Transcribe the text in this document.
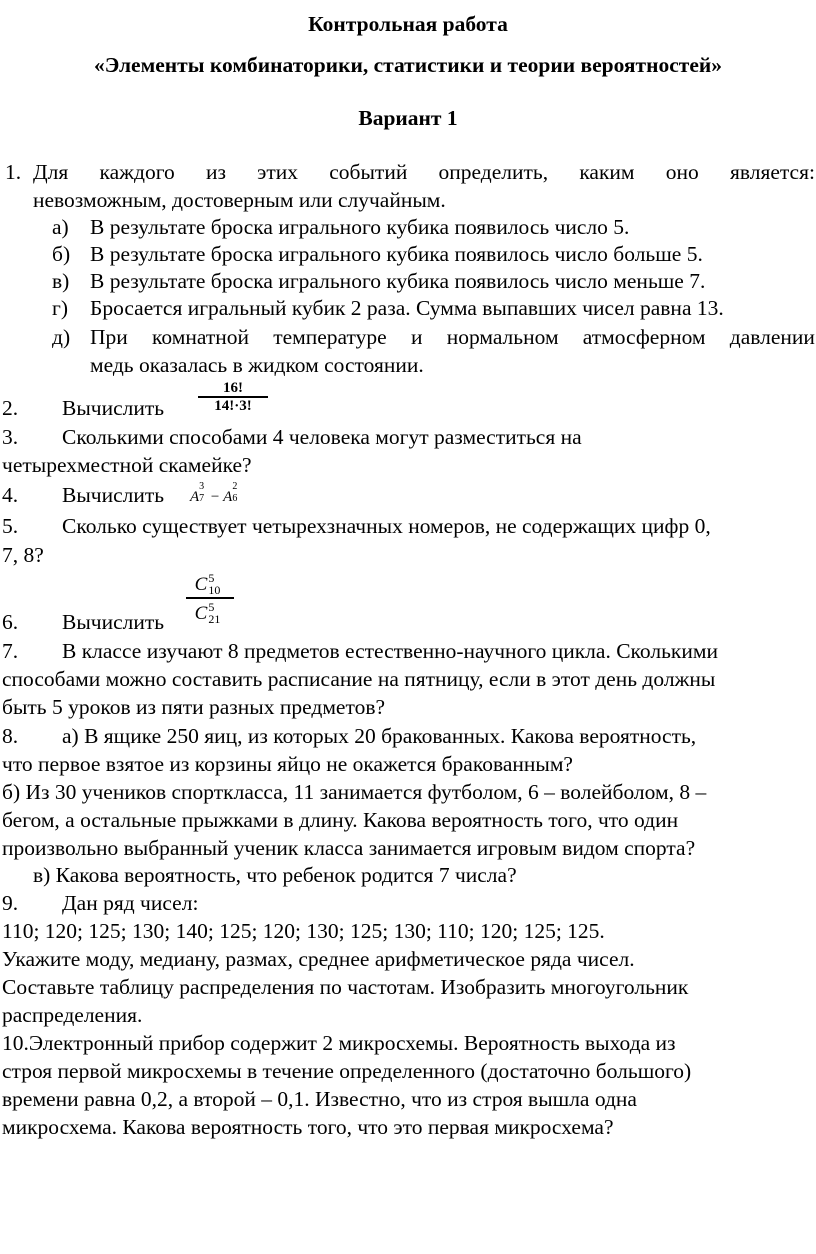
Контрольная работа
«Элементы комбинаторики, статистики и теории вероятностей»
Вариант 1
1. Для каждого из этих событий определить, каким оно является:
невозможным, достоверным или случайным.
а) В результате броска игрального кубика появилось число 5.
б) В результате броска игрального кубика появилось число больше 5.
в) В результате броска игрального кубика появилось число меньше 7.
г) Бросается игральный кубик 2 раза. Сумма выпавших чисел равна 13.
д) При комнатной температуре и нормальном атмосферном давлении
медь оказалась в жидком состоянии.
2. Вычислить
16!
14!·3!
3. Сколькими способами 4 человека могут разместиться на
четырехместной скамейке?
4. Вычислить A
3
7 − A
2
6
5. Сколько существует четырехзначных номеров, не содержащих цифр 0,
7, 8?
6. Вычислить
C 5
10
C 5
21
7. В классе изучают 8 предметов естественно-научного цикла. Сколькими
способами можно составить расписание на пятницу, если в этот день должны
быть 5 уроков из пяти разных предметов?
8. а) В ящике 250 яиц, из которых 20 бракованных. Какова вероятность,
что первое взятое из корзины яйцо не окажется бракованным?
б) Из 30 учеников спорткласса, 11 занимается футболом, 6 – волейболом, 8 –
бегом, а остальные прыжками в длину. Какова вероятность того, что один
произвольно выбранный ученик класса занимается игровым видом спорта?
в) Какова вероятность, что ребенок родится 7 числа?
9. Дан ряд чисел:
110; 120; 125; 130; 140; 125; 120; 130; 125; 130; 110; 120; 125; 125.
Укажите моду, медиану, размах, среднее арифметическое ряда чисел.
Составьте таблицу распределения по частотам. Изобразить многоугольник
распределения.
10.Электронный прибор содержит 2 микросхемы. Вероятность выхода из
строя первой микросхемы в течение определенного (достаточно большого)
времени равна 0,2, а второй – 0,1. Известно, что из строя вышла одна
микросхема. Какова вероятность того, что это первая микросхема?
